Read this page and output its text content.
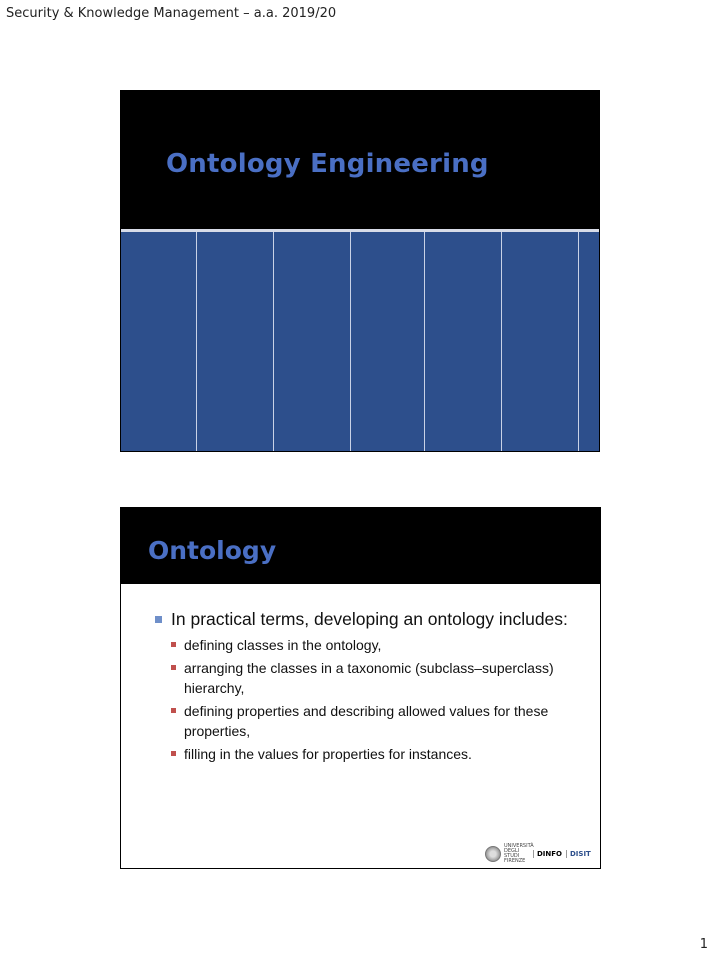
Security & Knowledge Management – a.a. 2019/20
Ontology Engineering
Ontology
In practical terms, developing an ontology includes:
defining classes in the ontology,
arranging the classes in a taxonomic (subclass–superclass) hierarchy,
defining properties and describing allowed values for these properties,
filling in the values for properties for instances.
UNIVERSITÀ DEGLI STUDI FIRENZE
DINFO	DISIT
1
